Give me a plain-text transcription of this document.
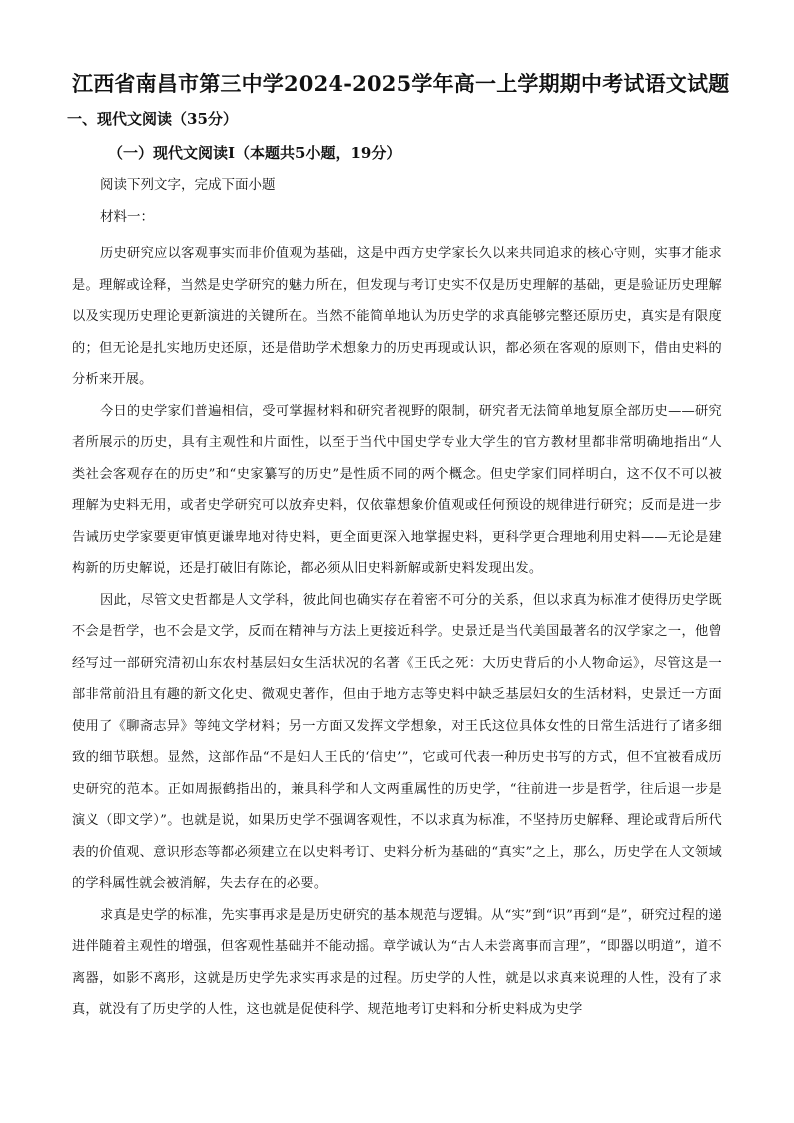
江西省南昌市第三中学2024-2025学年高一上学期期中考试语文试题
一、现代文阅读（35分）
（一）现代文阅读Ⅰ（本题共5小题，19分）
阅读下列文字，完成下面小题
材料一：

历史研究应以客观事实而非价值观为基础，这是中西方史学家长久以来共同追求的核心守则，实事才能求是。理解或诠释，当然是史学研究的魅力所在，但发现与考订史实不仅是历史理解的基础，更是验证历史理解以及实现历史理论更新演进的关键所在。当然不能简单地认为历史学的求真能够完整还原历史，真实是有限度的；但无论是扎实地历史还原，还是借助学术想象力的历史再现或认识，都必须在客观的原则下，借由史料的分析来开展。

今日的史学家们普遍相信，受可掌握材料和研究者视野的限制，研究者无法简单地复原全部历史——研究者所展示的历史，具有主观性和片面性，以至于当代中国史学专业大学生的官方教材里都非常明确地指出“人类社会客观存在的历史”和“史家纂写的历史”是性质不同的两个概念。但史学家们同样明白，这不仅不可以被理解为史料无用，或者史学研究可以放弃史料，仅依靠想象价值观或任何预设的规律进行研究；反而是进一步告诫历史学家要更审慎更谦卑地对待史料，更全面更深入地掌握史料，更科学更合理地利用史料——无论是建构新的历史解说，还是打破旧有陈论，都必须从旧史料新解或新史料发现出发。

因此，尽管文史哲都是人文学科，彼此间也确实存在着密不可分的关系，但以求真为标准才使得历史学既不会是哲学，也不会是文学，反而在精神与方法上更接近科学。史景迁是当代美国最著名的汉学家之一，他曾经写过一部研究清初山东农村基层妇女生活状况的名著《王氏之死：大历史背后的小人物命运》，尽管这是一部非常前沿且有趣的新文化史、微观史著作，但由于地方志等史料中缺乏基层妇女的生活材料，史景迁一方面使用了《聊斋志异》等纯文学材料；另一方面又发挥文学想象，对王氏这位具体女性的日常生活进行了诸多细致的细节联想。显然，这部作品“不是妇人王氏的‘信史’”，它或可代表一种历史书写的方式，但不宜被看成历史研究的范本。正如周振鹤指出的，兼具科学和人文两重属性的历史学，“往前进一步是哲学，往后退一步是演义（即文学）”。也就是说，如果历史学不强调客观性，不以求真为标准，不坚持历史解释、理论或背后所代表的价值观、意识形态等都必须建立在以史料考订、史料分析为基础的“真实”之上，那么，历史学在人文领域的学科属性就会被消解，失去存在的必要。

求真是史学的标准，先实事再求是是历史研究的基本规范与逻辑。从“实”到“识”再到“是”，研究过程的递进伴随着主观性的增强，但客观性基础并不能动摇。章学诚认为“古人未尝离事而言理”，“即器以明道”，道不离器，如影不离形，这就是历史学先求实再求是的过程。历史学的人性，就是以求真来说理的人性，没有了求真，就没有了历史学的人性，这也就是促使科学、规范地考订史料和分析史料成为史学
